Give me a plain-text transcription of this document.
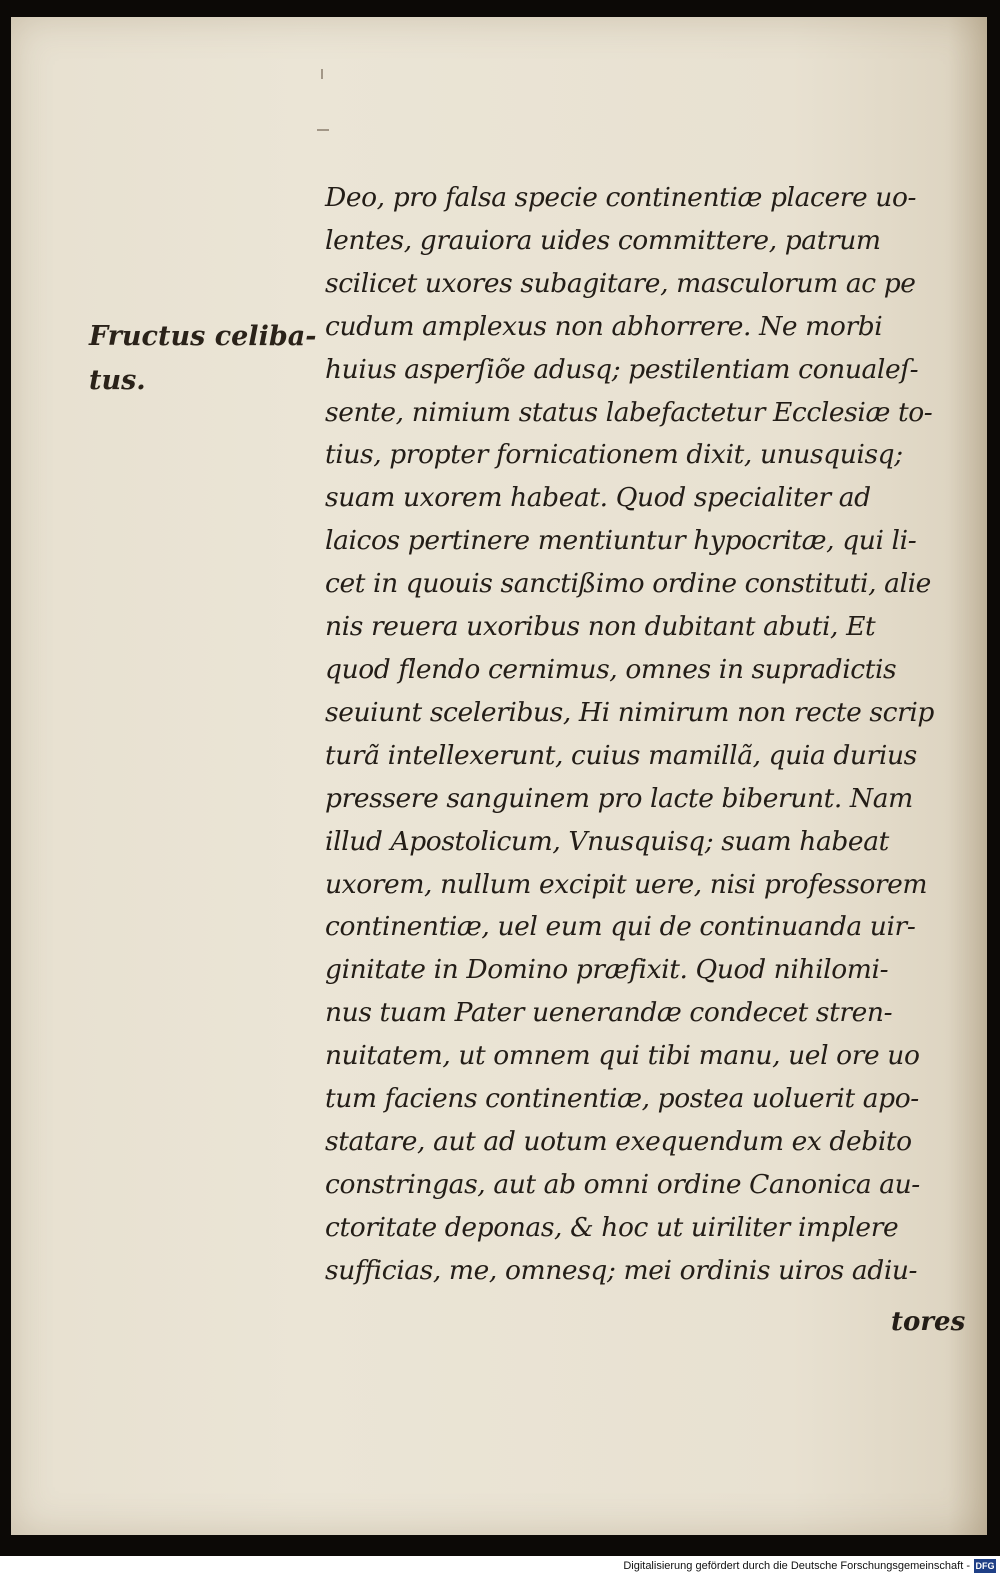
Fructus celiba-
tus.
Deo, pro falsa specie continentiæ placere uo-
lentes, grauiora uides committere, patrum
scilicet uxores subagitare, masculorum ac pe
cudum amplexus non abhorrere. Ne morbi
huius asperſiõe adusq; pestilentiam conualeſ-
sente, nimium status labefactetur Ecclesiæ to-
tius, propter fornicationem dixit, unusquisq;
suam uxorem habeat. Quod specialiter ad
laicos pertinere mentiuntur hypocritæ, qui li-
cet in quouis sanctißimo ordine constituti, alie
nis reuera uxoribus non dubitant abuti, Et
quod flendo cernimus, omnes in supradictis
seuiunt sceleribus, Hi nimirum non recte scrip
turã intellexerunt, cuius mamillã, quia durius
pressere sanguinem pro lacte biberunt. Nam
illud Apostolicum, Vnusquisq; suam habeat
uxorem, nullum excipit uere, nisi professorem
continentiæ, uel eum qui de continuanda uir-
ginitate in Domino præfixit. Quod nihilomi-
nus tuam Pater uenerandæ condecet stren-
nuitatem, ut omnem qui tibi manu, uel ore uo
tum faciens continentiæ, postea uoluerit apo-
statare, aut ad uotum exequendum ex debito
constringas, aut ab omni ordine Canonica au-
ctoritate deponas, & hoc ut uiriliter implere
sufficias, me, omnesq; mei ordinis uiros adiu-
tores
Digitalisierung gefördert durch die Deutsche Forschungsgemeinschaft - DFG
